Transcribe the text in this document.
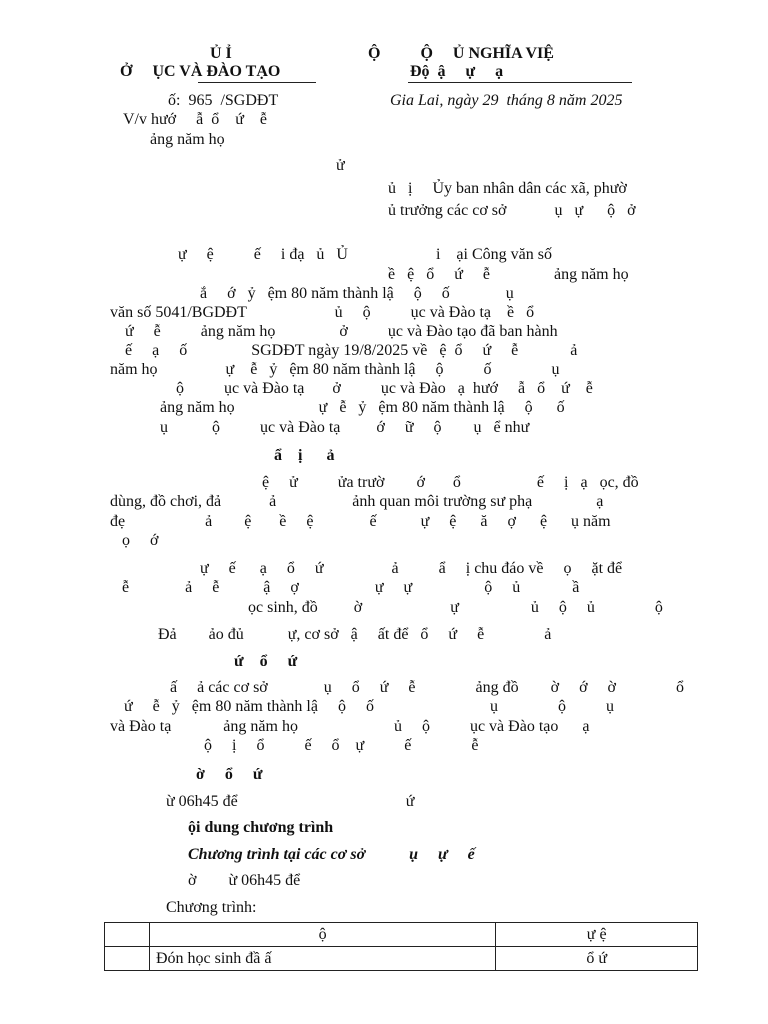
Ủ Ỉ
Ở     ỤC VÀ ĐÀO TẠO
Ộ          Ộ     Ủ NGHĨA VIỆ
Độ  ậ     ự     ạ
ố:  965  /SGDĐT	Gia Lai, ngày 29  tháng 8 năm 2025
V/v hướ     ẫ  ổ    ứ    ễ
ảng năm họ
ử
ủ   ị     Ủy ban nhân dân các xã, phườ
ủ trưởng các cơ sở            ụ   ự      ộ   ở
ự     ệ          ế     i đạ   ủ   Ủ                      i    ại Công văn số
ề   ệ   ổ     ứ     ễ                ảng năm họ
ắ     ớ   ỷ   ệm 80 năm thành lậ     ộ     ố              ụ
văn số 5041/BGDĐT                      ủ     ộ          ục và Đào tạ    ề   ổ
ứ     ễ          ảng năm họ                ở          ục và Đào tạo đã ban hành
ế     ạ     ố                SGDĐT ngày 19/8/2025 về   ệ  ổ     ứ     ễ             ả
năm họ                 ự    ễ   ỷ   ệm 80 năm thành lậ     ộ          ố               ụ
ộ          ục và Đào tạ       ở          ục và Đào   ạ  hướ     ẫ   ổ    ứ    ễ
ảng năm họ                     ự   ễ   ỷ   ệm 80 năm thành lậ     ộ      ố
ụ           ộ          ục và Đào tạ         ớ     ữ     ộ        ụ   ể như
ẩ    ị      ả
ệ     ử          ửa trườ        ớ       ổ                   ế     ị   ạ   ọc, đồ
dùng, đồ chơi, đả            ả                   ảnh quan môi trường sư phạ                ạ
đẹ                    ả        ệ       ề     ệ              ế           ự     ệ      ă     ợ      ệ      ụ năm
ọ     ớ
ự     ế      ạ     ổ     ứ                 ả          ẩ     ị chu đáo về     ọ     ặt để
ễ              ả     ễ           ậ     ợ                   ự     ự                  ộ     ủ             ầ
ọc sinh, đồ         ờ                      ự                  ủ     ộ     ủ               ộ
Đả        ảo đủ           ự, cơ sở   ậ     ất để   ổ     ứ     ễ               ả
ứ    ổ     ứ
ấ     ả các cơ sở              ụ     ổ     ứ     ễ               ảng đồ        ờ     ớ     ờ               ổ
ứ     ễ   ỷ   ệm 80 năm thành lậ     ộ     ố                             ụ               ộ          ụ
và Đào tạ             ảng năm họ                        ủ     ộ          ục và Đào tạo      ạ
ộ     ị     ổ          ế     ổ    ự          ế               ễ
ờ     ổ     ứ
ừ 06h45 để                                          ứ
ội dung chương trình
Chương trình tại các cơ sở           ụ     ự     ế
ờ        ừ 06h45 để
Chương trình:
	ộ	ự ệ
	Đón học sinh đầ ấ	ổ ứ
